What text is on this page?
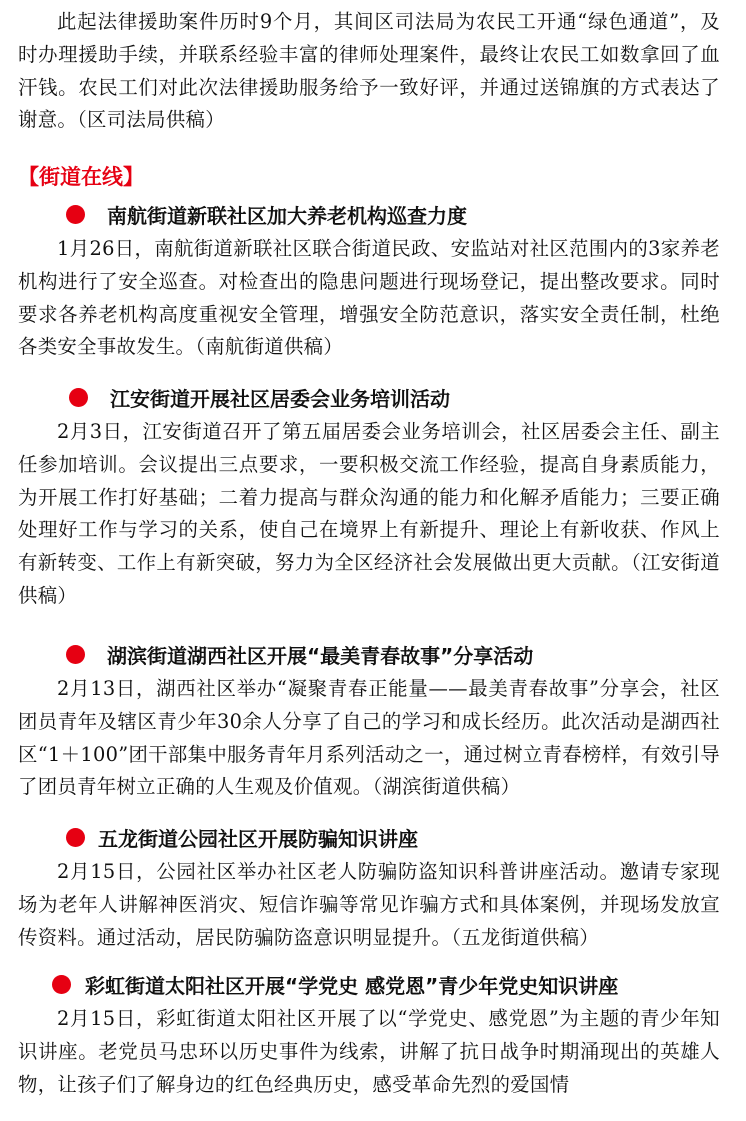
此起法律援助案件历时9个月，其间区司法局为农民工开通“绿色通道”，及时办理援助手续，并联系经验丰富的律师处理案件，最终让农民工如数拿回了血汗钱。农民工们对此次法律援助服务给予一致好评，并通过送锦旗的方式表达了谢意。（区司法局供稿）

【街道在线】
南航街道新联社区加大养老机构巡查力度

1月26日，南航街道新联社区联合街道民政、安监站对社区范围内的3家养老机构进行了安全巡查。对检查出的隐患问题进行现场登记，提出整改要求。同时要求各养老机构高度重视安全管理，增强安全防范意识，落实安全责任制，杜绝各类安全事故发生。（南航街道供稿）

江安街道开展社区居委会业务培训活动

2月3日，江安街道召开了第五届居委会业务培训会，社区居委会主任、副主任参加培训。会议提出三点要求，一要积极交流工作经验，提高自身素质能力，为开展工作打好基础；二着力提高与群众沟通的能力和化解矛盾能力；三要正确处理好工作与学习的关系，使自己在境界上有新提升、理论上有新收获、作风上有新转变、工作上有新突破，努力为全区经济社会发展做出更大贡献。（江安街道供稿）

湖滨街道湖西社区开展“最美青春故事”分享活动

2月13日，湖西社区举办“凝聚青春正能量——最美青春故事”分享会，社区团员青年及辖区青少年30余人分享了自己的学习和成长经历。此次活动是湖西社区“1＋100”团干部集中服务青年月系列活动之一，通过树立青春榜样，有效引导了团员青年树立正确的人生观及价值观。（湖滨街道供稿）

五龙街道公园社区开展防骗知识讲座

2月15日，公园社区举办社区老人防骗防盗知识科普讲座活动。邀请专家现场为老年人讲解神医消灾、短信诈骗等常见诈骗方式和具体案例，并现场发放宣传资料。通过活动，居民防骗防盗意识明显提升。（五龙街道供稿）

彩虹街道太阳社区开展“学党史 感党恩”青少年党史知识讲座

2月15日，彩虹街道太阳社区开展了以“学党史、感党恩”为主题的青少年知识讲座。老党员马忠环以历史事件为线索，讲解了抗日战争时期涌现出的英雄人物，让孩子们了解身边的红色经典历史，感受革命先烈的爱国情
